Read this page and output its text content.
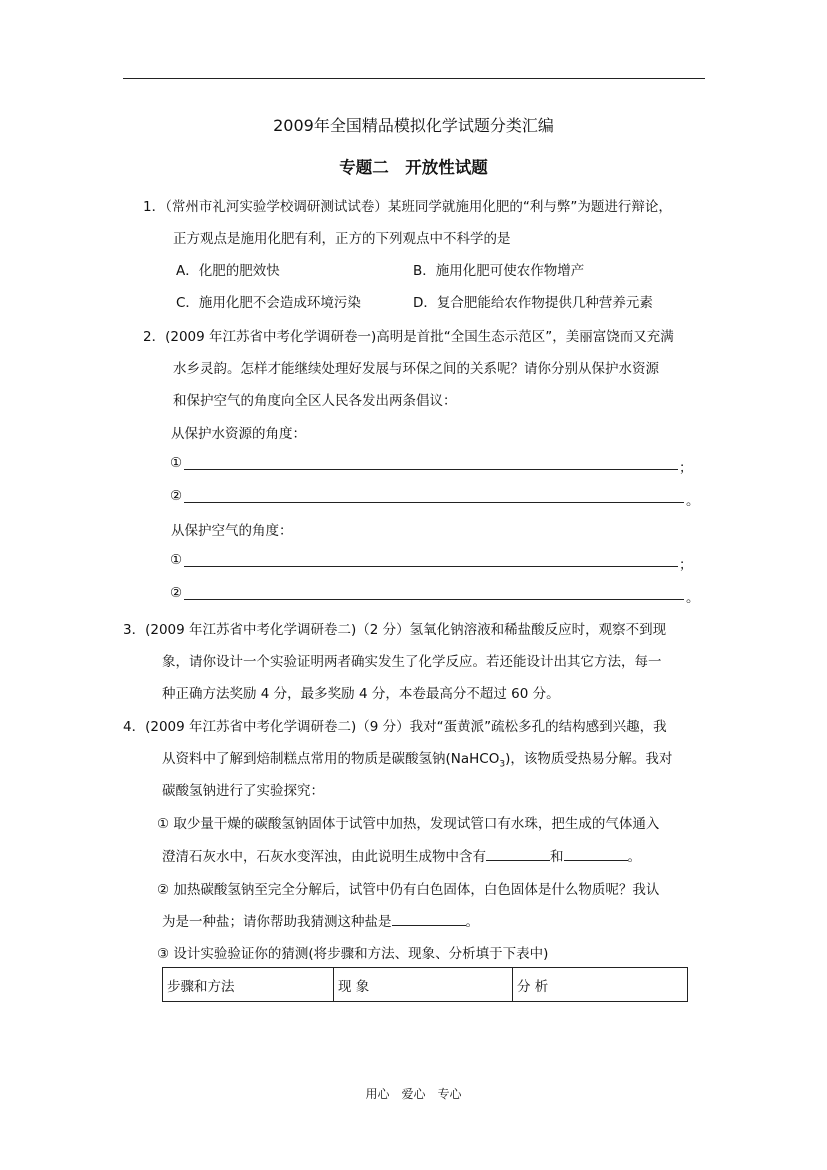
2009年全国精品模拟化学试题分类汇编
专题二　开放性试题
1．（常州市礼河实验学校调研测试试卷）某班同学就施用化肥的“利与弊”为题进行辩论，
正方观点是施用化肥有利，正方的下列观点中不科学的是
A．化肥的肥效快	B．施用化肥可使农作物增产
C．施用化肥不会造成环境污染	D．复合肥能给农作物提供几种营养元素
2．(2009 年江苏省中考化学调研卷一)高明是首批“全国生态示范区”，美丽富饶而又充满
水乡灵韵。怎样才能继续处理好发展与环保之间的关系呢？请你分别从保护水资源
和保护空气的角度向全区人民各发出两条倡议：
从保护水资源的角度：
①	；
②	。
从保护空气的角度：
①	；
②	。
3．(2009 年江苏省中考化学调研卷二)（2 分）氢氧化钠溶液和稀盐酸反应时，观察不到现
象，请你设计一个实验证明两者确实发生了化学反应。若还能设计出其它方法，每一
种正确方法奖励 4 分，最多奖励 4 分，本卷最高分不超过 60 分。
4．(2009 年江苏省中考化学调研卷二)（9 分）我对“蛋黄派”疏松多孔的结构感到兴趣，我
从资料中了解到焙制糕点常用的物质是碳酸氢钠(NaHCO$_3$)，该物质受热易分解。我对
碳酸氢钠进行了实验探究：
① 取少量干燥的碳酸氢钠固体于试管中加热，发现试管口有水珠，把生成的气体通入
澄清石灰水中，石灰水变浑浊，由此说明生成物中含有	和	。
② 加热碳酸氢钠至完全分解后，试管中仍有白色固体，白色固体是什么物质呢？我认
为是一种盐；请你帮助我猜测这种盐是	。
③ 设计实验验证你的猜测(将步骤和方法、现象、分析填于下表中)
步骤和方法	现 象	分 析
用心　爱心　专心
